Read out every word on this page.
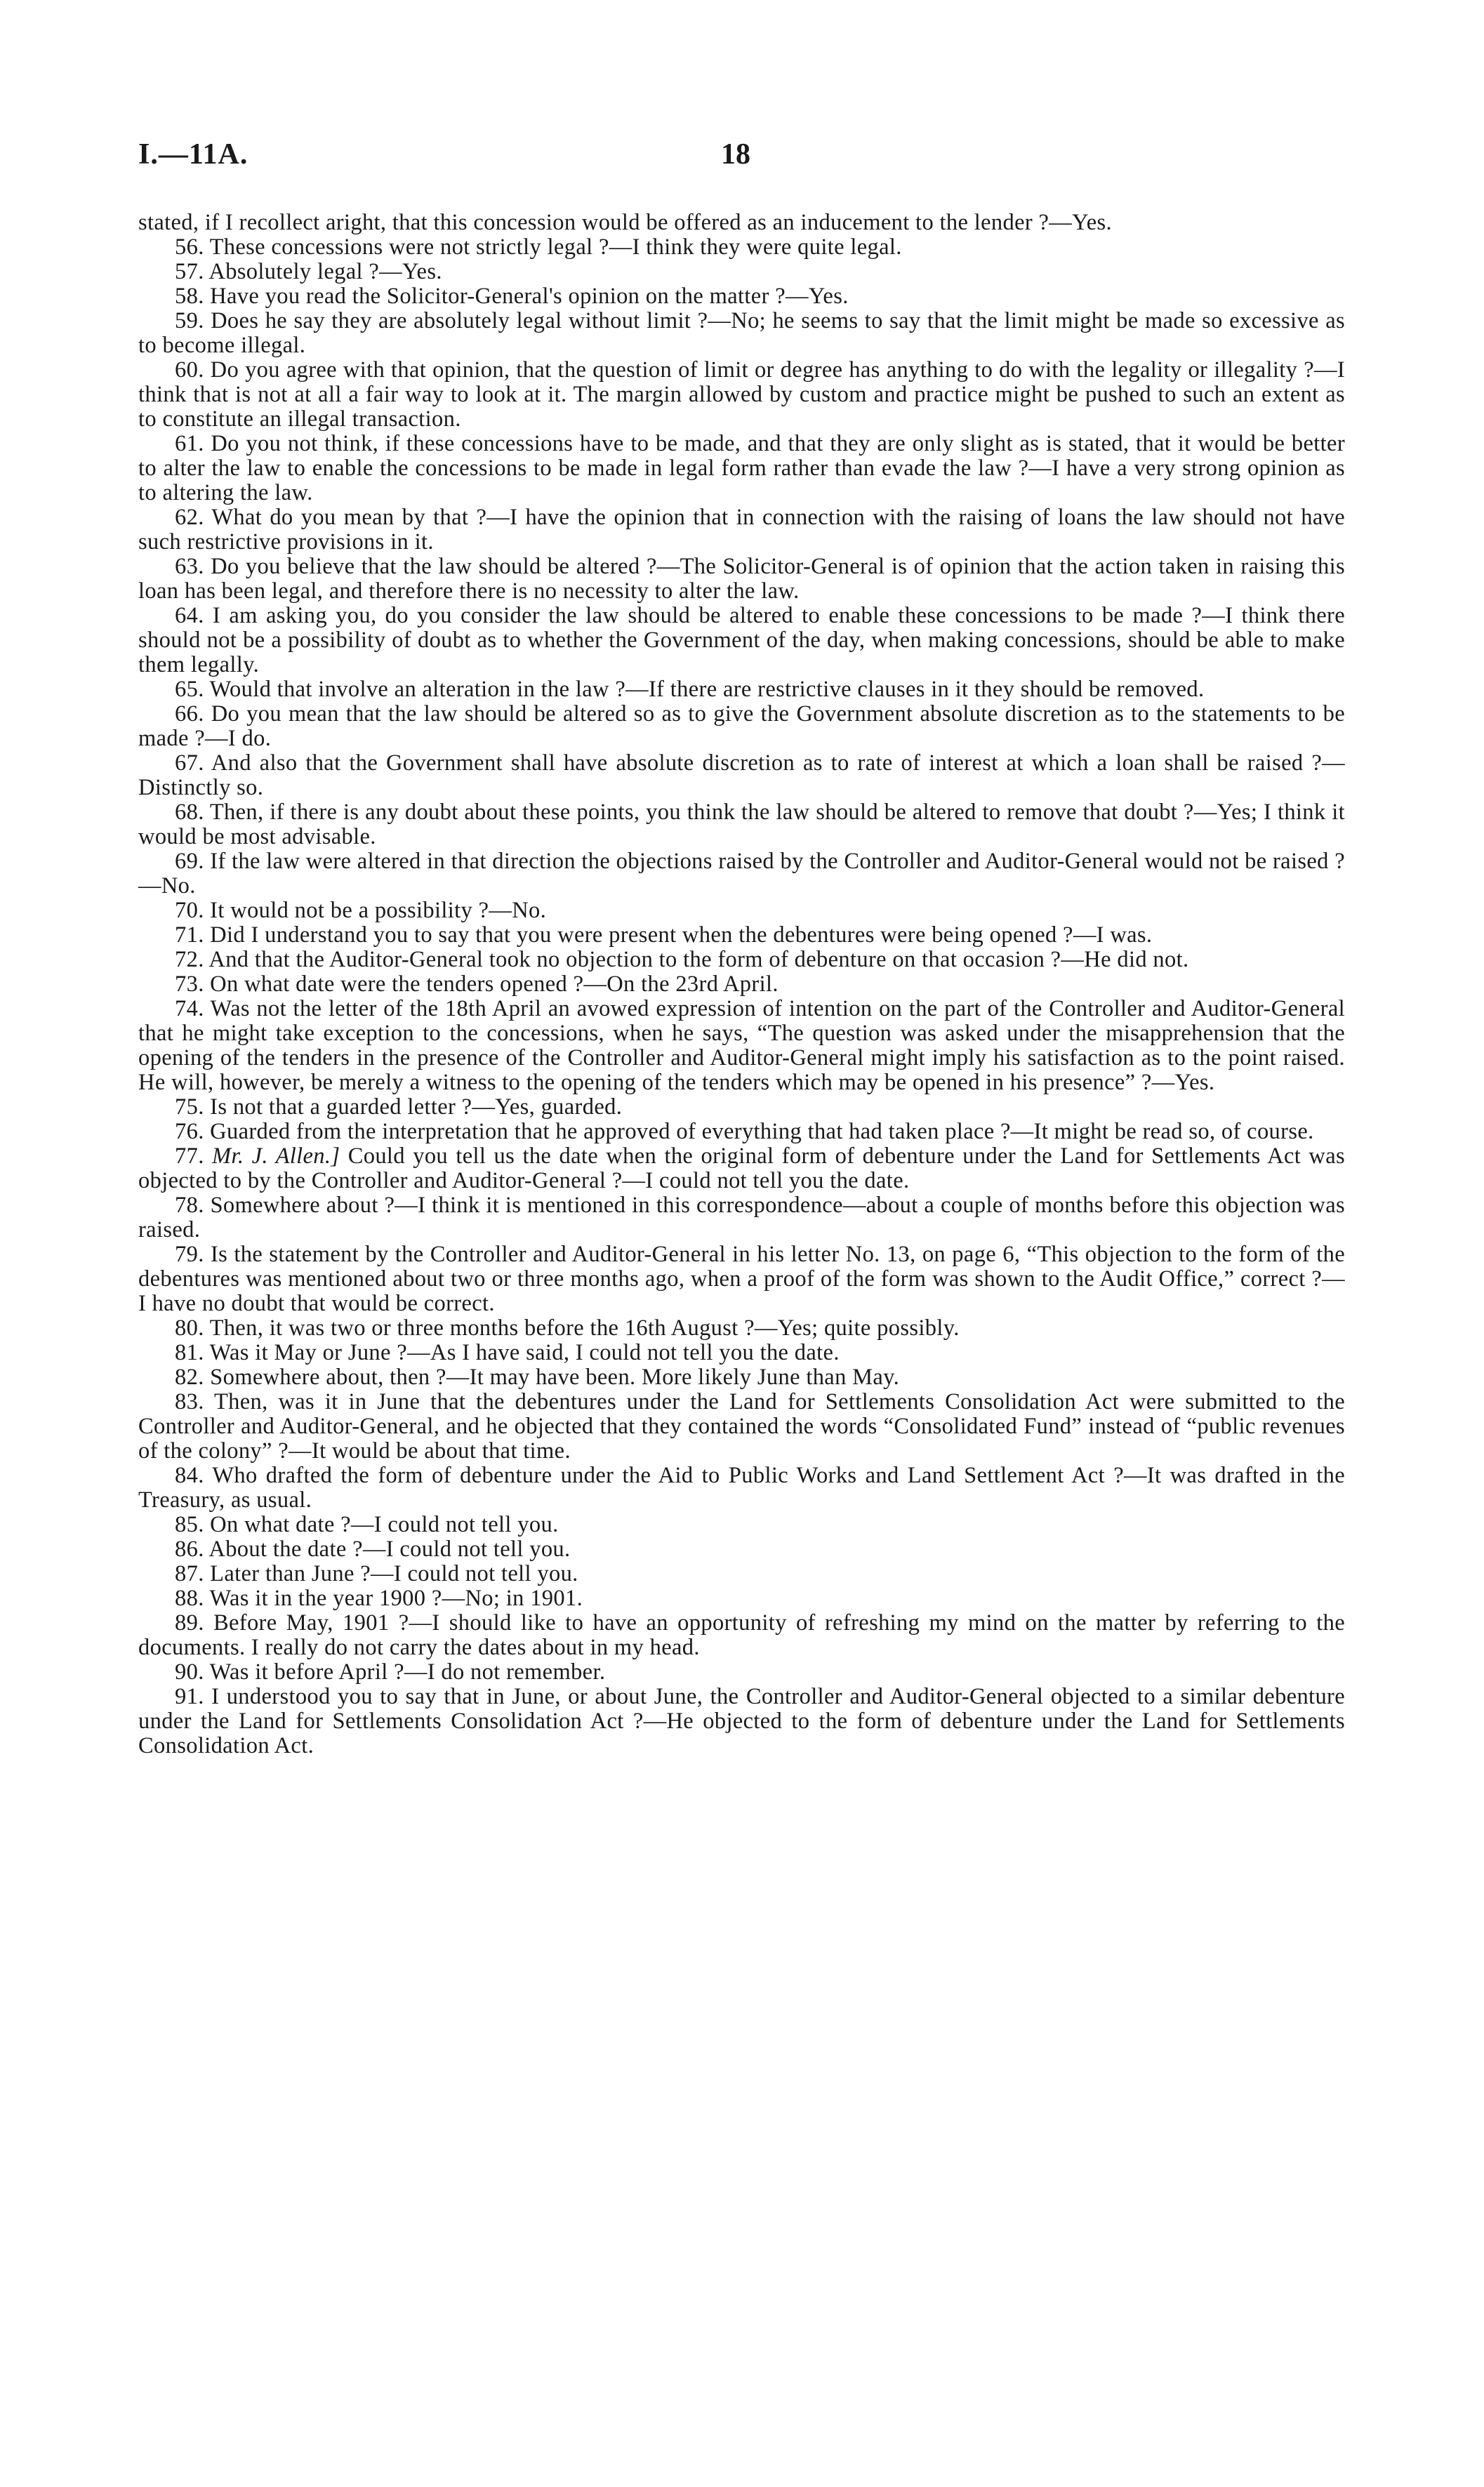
I.—11A.	18

stated, if I recollect aright, that this concession would be offered as an inducement to the lender ?—Yes.

56. These concessions were not strictly legal ?—I think they were quite legal.

57. Absolutely legal ?—Yes.

58. Have you read the Solicitor-General's opinion on the matter ?—Yes.

59. Does he say they are absolutely legal without limit ?—No; he seems to say that the limit might be made so excessive as to become illegal.

60. Do you agree with that opinion, that the question of limit or degree has anything to do with the legality or illegality ?—I think that is not at all a fair way to look at it. The margin allowed by custom and practice might be pushed to such an extent as to constitute an illegal transaction.

61. Do you not think, if these concessions have to be made, and that they are only slight as is stated, that it would be better to alter the law to enable the concessions to be made in legal form rather than evade the law ?—I have a very strong opinion as to altering the law.

62. What do you mean by that ?—I have the opinion that in connection with the raising of loans the law should not have such restrictive provisions in it.

63. Do you believe that the law should be altered ?—The Solicitor-General is of opinion that the action taken in raising this loan has been legal, and therefore there is no necessity to alter the law.

64. I am asking you, do you consider the law should be altered to enable these concessions to be made ?—I think there should not be a possibility of doubt as to whether the Government of the day, when making concessions, should be able to make them legally.

65. Would that involve an alteration in the law ?—If there are restrictive clauses in it they should be removed.

66. Do you mean that the law should be altered so as to give the Government absolute discretion as to the statements to be made ?—I do.

67. And also that the Government shall have absolute discretion as to rate of interest at which a loan shall be raised ?—Distinctly so.

68. Then, if there is any doubt about these points, you think the law should be altered to remove that doubt ?—Yes; I think it would be most advisable.

69. If the law were altered in that direction the objections raised by the Controller and Auditor-General would not be raised ?—No.

70. It would not be a possibility ?—No.

71. Did I understand you to say that you were present when the debentures were being opened ?—I was.

72. And that the Auditor-General took no objection to the form of debenture on that occasion ?—He did not.

73. On what date were the tenders opened ?—On the 23rd April.

74. Was not the letter of the 18th April an avowed expression of intention on the part of the Controller and Auditor-General that he might take exception to the concessions, when he says, “The question was asked under the misapprehension that the opening of the tenders in the presence of the Controller and Auditor-General might imply his satisfaction as to the point raised. He will, however, be merely a witness to the opening of the tenders which may be opened in his presence” ?—Yes.

75. Is not that a guarded letter ?—Yes, guarded.

76. Guarded from the interpretation that he approved of everything that had taken place ?—It might be read so, of course.

77. Mr. J. Allen.] Could you tell us the date when the original form of debenture under the Land for Settlements Act was objected to by the Controller and Auditor-General ?—I could not tell you the date.

78. Somewhere about ?—I think it is mentioned in this correspondence—about a couple of months before this objection was raised.

79. Is the statement by the Controller and Auditor-General in his letter No. 13, on page 6, “This objection to the form of the debentures was mentioned about two or three months ago, when a proof of the form was shown to the Audit Office,” correct ?—I have no doubt that would be correct.

80. Then, it was two or three months before the 16th August ?—Yes; quite possibly.

81. Was it May or June ?—As I have said, I could not tell you the date.

82. Somewhere about, then ?—It may have been. More likely June than May.

83. Then, was it in June that the debentures under the Land for Settlements Consolidation Act were submitted to the Controller and Auditor-General, and he objected that they contained the words “Consolidated Fund” instead of “public revenues of the colony” ?—It would be about that time.

84. Who drafted the form of debenture under the Aid to Public Works and Land Settlement Act ?—It was drafted in the Treasury, as usual.

85. On what date ?—I could not tell you.

86. About the date ?—I could not tell you.

87. Later than June ?—I could not tell you.

88. Was it in the year 1900 ?—No; in 1901.

89. Before May, 1901 ?—I should like to have an opportunity of refreshing my mind on the matter by referring to the documents. I really do not carry the dates about in my head.

90. Was it before April ?—I do not remember.

91. I understood you to say that in June, or about June, the Controller and Auditor-General objected to a similar debenture under the Land for Settlements Consolidation Act ?—He objected to the form of debenture under the Land for Settlements Consolidation Act.
